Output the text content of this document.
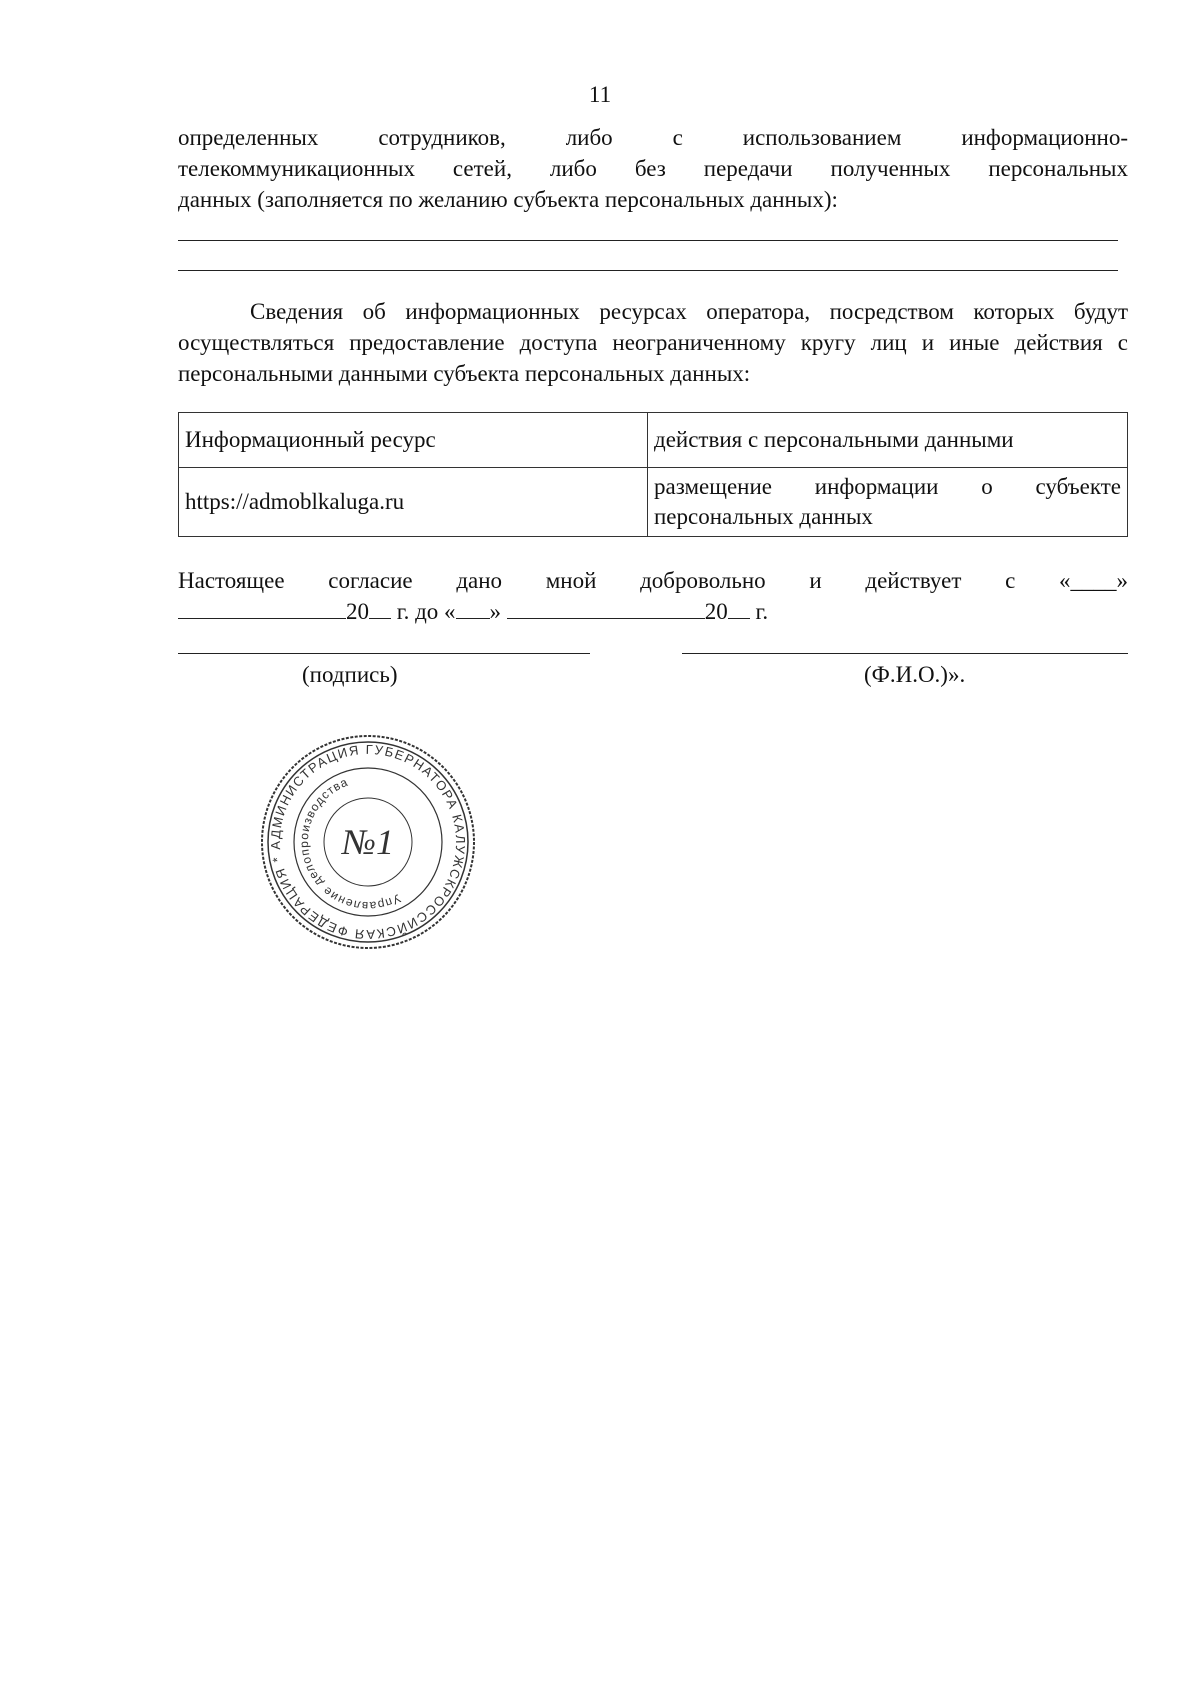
11

определенных сотрудников, либо с использованием информационно-

телекоммуникационных сетей, либо без передачи полученных персональных

данных (заполняется по желанию субъекта персональных данных):

Сведения об информационных ресурсах оператора, посредством которых будут осуществляться предоставление доступа неограниченному кругу лиц и иные действия с персональными данными субъекта персональных данных:

Информационный ресурс	действия с персональными данными
https://admoblkaluga.ru	размещение информации о субъекте персональных данных
Настоящее согласие дано мной добровольно и действует с «____»
20 г. до « »	20 г.
(подпись)	(Ф.И.О.)».
РОССИЙСКАЯ ФЕДЕРАЦИЯ * АДМИНИСТРАЦИЯ ГУБЕРНАТОРА КАЛУЖСКОЙ
Управление делопроизводства
№1
